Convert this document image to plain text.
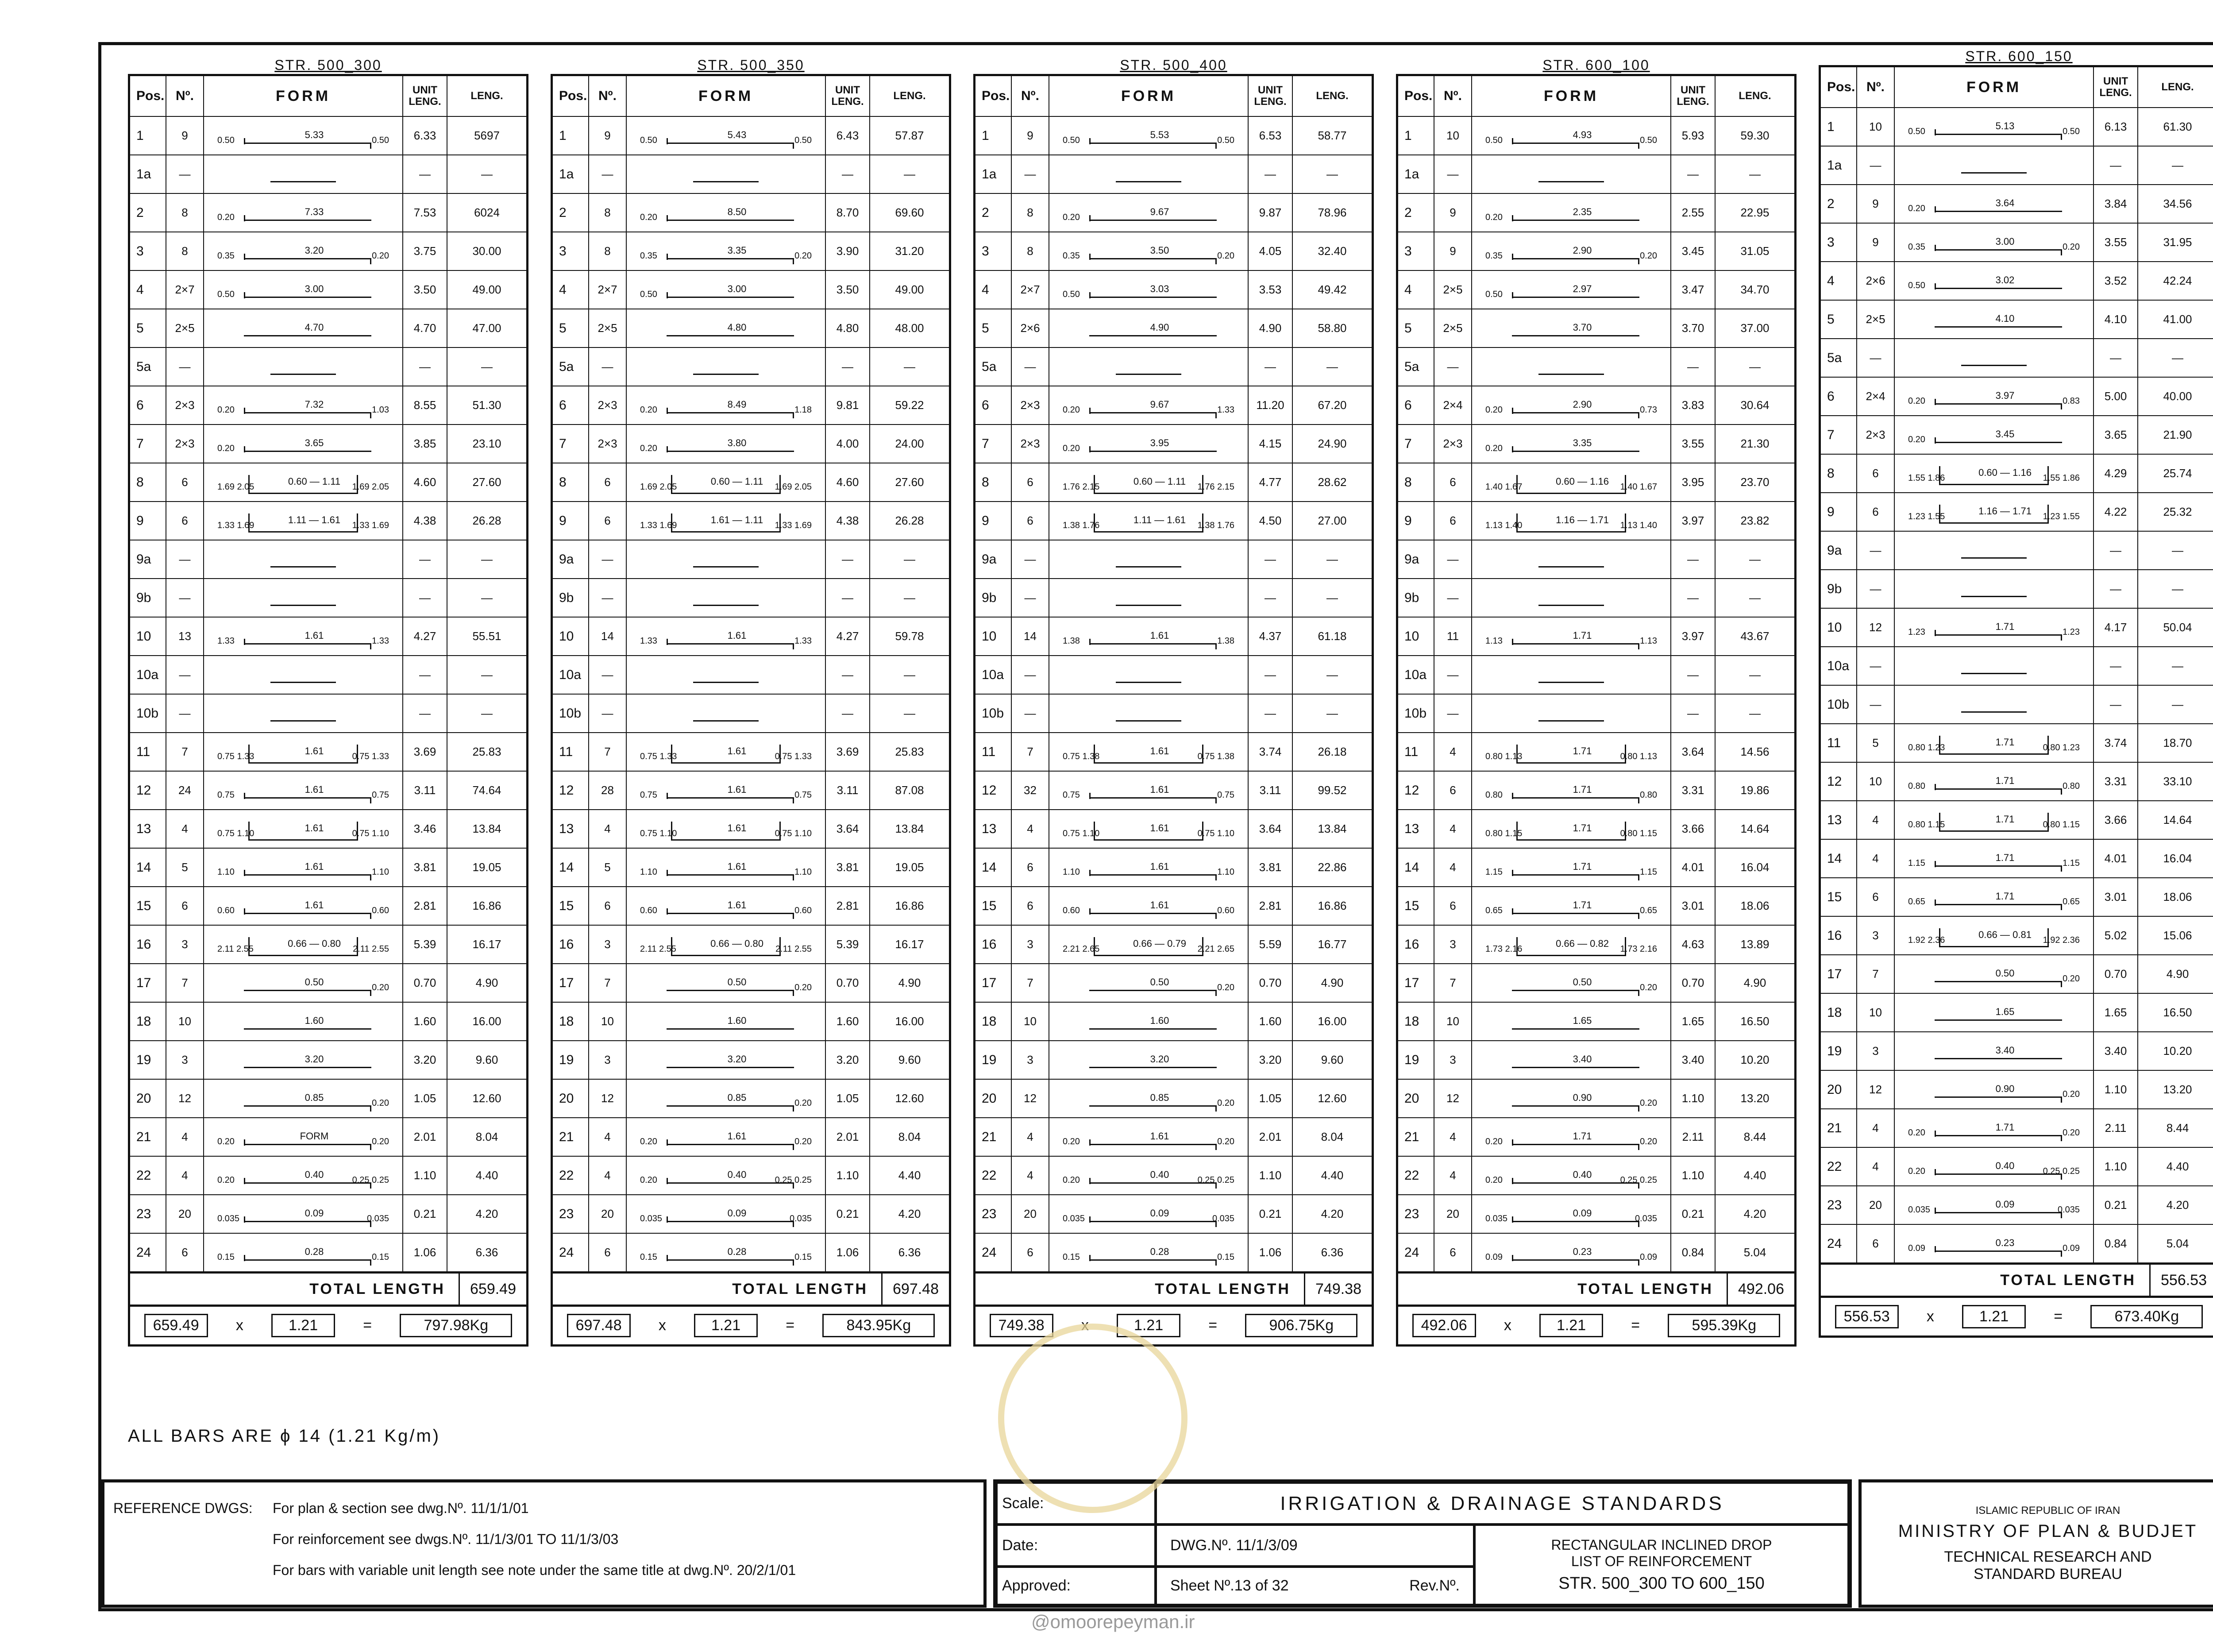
STR. 500_300
Pos. Nº.	FORM	UNIT LENG.	LENG.
1	9	0.50	5.33	0.50	6.33	5697
1a	—	—	—
2	8	0.20	7.33	7.53	6024
3	8	0.35	3.20	0.20	3.75	30.00
4	2×7	0.50	3.00	3.50	49.00
5	2×5	4.70	4.70	47.00
5a	—	—	—
6	2×3	0.20	7.32	1.03	8.55	51.30
7	2×3	0.20	3.65	3.85	23.10
8	6	1.69 2.05	0.60 — 1.11	1.69 2.05	4.60	27.60
9	6	1.33 1.69	1.11 — 1.61	1.33 1.69	4.38	26.28
9a	—	—	—
9b	—	—	—
10	13	1.33	1.61	1.33	4.27	55.51
10a	—	—	—
10b	—	—	—
11	7	0.75 1.33	1.61	0.75 1.33	3.69	25.83
12	24	0.75	1.61	0.75	3.11	74.64
13	4	0.75 1.10	1.61	0.75 1.10	3.46	13.84
14	5	1.10	1.61	1.10	3.81	19.05
15	6	0.60	1.61	0.60	2.81	16.86
16	3	2.11 2.55	0.66 — 0.80	2.11 2.55	5.39	16.17
17	7	0.50	0.20	0.70	4.90
18	10	1.60	1.60	16.00
19	3	3.20	3.20	9.60
20	12	0.85	0.20	1.05	12.60
21	4	0.20	FORM	0.20	2.01	8.04
22	4	0.20	0.40	0.25 0.25	1.10	4.40
23	20	0.035	0.09	0.035	0.21	4.20
24	6	0.15	0.28	0.15	1.06	6.36
TOTAL LENGTH	659.49
659.49	x	1.21	=	797.98Kg
STR. 500_350
Pos. Nº.	FORM	UNIT LENG.	LENG.
1	9	0.50	5.43	0.50	6.43	57.87
1a	—	—	—
2	8	0.20	8.50	8.70	69.60
3	8	0.35	3.35	0.20	3.90	31.20
4	2×7	0.50	3.00	3.50	49.00
5	2×5	4.80	4.80	48.00
5a	—	—	—
6	2×3	0.20	8.49	1.18	9.81	59.22
7	2×3	0.20	3.80	4.00	24.00
8	6	1.69 2.05	0.60 — 1.11	1.69 2.05	4.60	27.60
9	6	1.33 1.69	1.61 — 1.11	1.33 1.69	4.38	26.28
9a	—	—	—
9b	—	—	—
10	14	1.33	1.61	1.33	4.27	59.78
10a	—	—	—
10b	—	—	—
11	7	0.75 1.33	1.61	0.75 1.33	3.69	25.83
12	28	0.75	1.61	0.75	3.11	87.08
13	4	0.75 1.10	1.61	0.75 1.10	3.64	13.84
14	5	1.10	1.61	1.10	3.81	19.05
15	6	0.60	1.61	0.60	2.81	16.86
16	3	2.11 2.55	0.66 — 0.80	2.11 2.55	5.39	16.17
17	7	0.50	0.20	0.70	4.90
18	10	1.60	1.60	16.00
19	3	3.20	3.20	9.60
20	12	0.85	0.20	1.05	12.60
21	4	0.20	1.61	0.20	2.01	8.04
22	4	0.20	0.40	0.25 0.25	1.10	4.40
23	20	0.035	0.09	0.035	0.21	4.20
24	6	0.15	0.28	0.15	1.06	6.36
TOTAL LENGTH	697.48
697.48	x	1.21	=	843.95Kg
STR. 500_400
Pos. Nº.	FORM	UNIT LENG.	LENG.
1	9	0.50	5.53	0.50	6.53	58.77
1a	—	—	—
2	8	0.20	9.67	9.87	78.96
3	8	0.35	3.50	0.20	4.05	32.40
4	2×7	0.50	3.03	3.53	49.42
5	2×6	4.90	4.90	58.80
5a	—	—	—
6	2×3	0.20	9.67	1.33	11.20	67.20
7	2×3	0.20	3.95	4.15	24.90
8	6	1.76 2.15	0.60 — 1.11	1.76 2.15	4.77	28.62
9	6	1.38 1.76	1.11 — 1.61	1.38 1.76	4.50	27.00
9a	—	—	—
9b	—	—	—
10	14	1.38	1.61	1.38	4.37	61.18
10a	—	—	—
10b	—	—	—
11	7	0.75 1.38	1.61	0.75 1.38	3.74	26.18
12	32	0.75	1.61	0.75	3.11	99.52
13	4	0.75 1.10	1.61	0.75 1.10	3.64	13.84
14	6	1.10	1.61	1.10	3.81	22.86
15	6	0.60	1.61	0.60	2.81	16.86
16	3	2.21 2.65	0.66 — 0.79	2.21 2.65	5.59	16.77
17	7	0.50	0.20	0.70	4.90
18	10	1.60	1.60	16.00
19	3	3.20	3.20	9.60
20	12	0.85	0.20	1.05	12.60
21	4	0.20	1.61	0.20	2.01	8.04
22	4	0.20	0.40	0.25 0.25	1.10	4.40
23	20	0.035	0.09	0.035	0.21	4.20
24	6	0.15	0.28	0.15	1.06	6.36
TOTAL LENGTH	749.38
749.38	x	1.21	=	906.75Kg
STR. 600_100
Pos. Nº.	FORM	UNIT LENG.	LENG.
1	10	0.50	4.93	0.50	5.93	59.30
1a	—	—	—
2	9	0.20	2.35	2.55	22.95
3	9	0.35	2.90	0.20	3.45	31.05
4	2×5	0.50	2.97	3.47	34.70
5	2×5	3.70	3.70	37.00
5a	—	—	—
6	2×4	0.20	2.90	0.73	3.83	30.64
7	2×3	0.20	3.35	3.55	21.30
8	6	1.40 1.67	0.60 — 1.16	1.40 1.67	3.95	23.70
9	6	1.13 1.40	1.16 — 1.71	1.13 1.40	3.97	23.82
9a	—	—	—
9b	—	—	—
10	11	1.13	1.71	1.13	3.97	43.67
10a	—	—	—
10b	—	—	—
11	4	0.80 1.13	1.71	0.80 1.13	3.64	14.56
12	6	0.80	1.71	0.80	3.31	19.86
13	4	0.80 1.15	1.71	0.80 1.15	3.66	14.64
14	4	1.15	1.71	1.15	4.01	16.04
15	6	0.65	1.71	0.65	3.01	18.06
16	3	1.73 2.16	0.66 — 0.82	1.73 2.16	4.63	13.89
17	7	0.50	0.20	0.70	4.90
18	10	1.65	1.65	16.50
19	3	3.40	3.40	10.20
20	12	0.90	0.20	1.10	13.20
21	4	0.20	1.71	0.20	2.11	8.44
22	4	0.20	0.40	0.25 0.25	1.10	4.40
23	20	0.035	0.09	0.035	0.21	4.20
24	6	0.09	0.23	0.09	0.84	5.04
TOTAL LENGTH	492.06
492.06	x	1.21	=	595.39Kg
STR. 600_150
Pos. Nº.	FORM	UNIT LENG.	LENG.
1	10	0.50	5.13	0.50	6.13	61.30
1a	—	—	—
2	9	0.20	3.64	3.84	34.56
3	9	0.35	3.00	0.20	3.55	31.95
4	2×6	0.50	3.02	3.52	42.24
5	2×5	4.10	4.10	41.00
5a	—	—	—
6	2×4	0.20	3.97	0.83	5.00	40.00
7	2×3	0.20	3.45	3.65	21.90
8	6	1.55 1.86	0.60 — 1.16	1.55 1.86	4.29	25.74
9	6	1.23 1.55	1.16 — 1.71	1.23 1.55	4.22	25.32
9a	—	—	—
9b	—	—	—
10	12	1.23	1.71	1.23	4.17	50.04
10a	—	—	—
10b	—	—	—
11	5	0.80 1.23	1.71	0.80 1.23	3.74	18.70
12	10	0.80	1.71	0.80	3.31	33.10
13	4	0.80 1.15	1.71	0.80 1.15	3.66	14.64
14	4	1.15	1.71	1.15	4.01	16.04
15	6	0.65	1.71	0.65	3.01	18.06
16	3	1.92 2.36	0.66 — 0.81	1.92 2.36	5.02	15.06
17	7	0.50	0.20	0.70	4.90
18	10	1.65	1.65	16.50
19	3	3.40	3.40	10.20
20	12	0.90	0.20	1.10	13.20
21	4	0.20	1.71	0.20	2.11	8.44
22	4	0.20	0.40	0.25 0.25	1.10	4.40
23	20	0.035	0.09	0.035	0.21	4.20
24	6	0.09	0.23	0.09	0.84	5.04
TOTAL LENGTH	556.53
556.53	x	1.21	=	673.40Kg
ALL BARS ARE ϕ 14 (1.21 Kg/m)
REFERENCE DWGS: For plan & section see dwg.Nº. 11/1/1/01
For reinforcement see dwgs.Nº. 11/1/3/01 TO 11/1/3/03
For bars with variable unit length see note under the same title at dwg.Nº. 20/2/1/01
Scale:
Date:
Approved:
IRRIGATION & DRAINAGE STANDARDS
DWG.Nº. 11/1/3/09
Sheet Nº.13 of 32	Rev.Nº.
RECTANGULAR INCLINED DROP
LIST OF REINFORCEMENT
STR. 500_300 TO 600_150
ISLAMIC REPUBLIC OF IRAN
MINISTRY OF PLAN & BUDJET
TECHNICAL RESEARCH AND
STANDARD BUREAU
@omoorepeyman.ir
